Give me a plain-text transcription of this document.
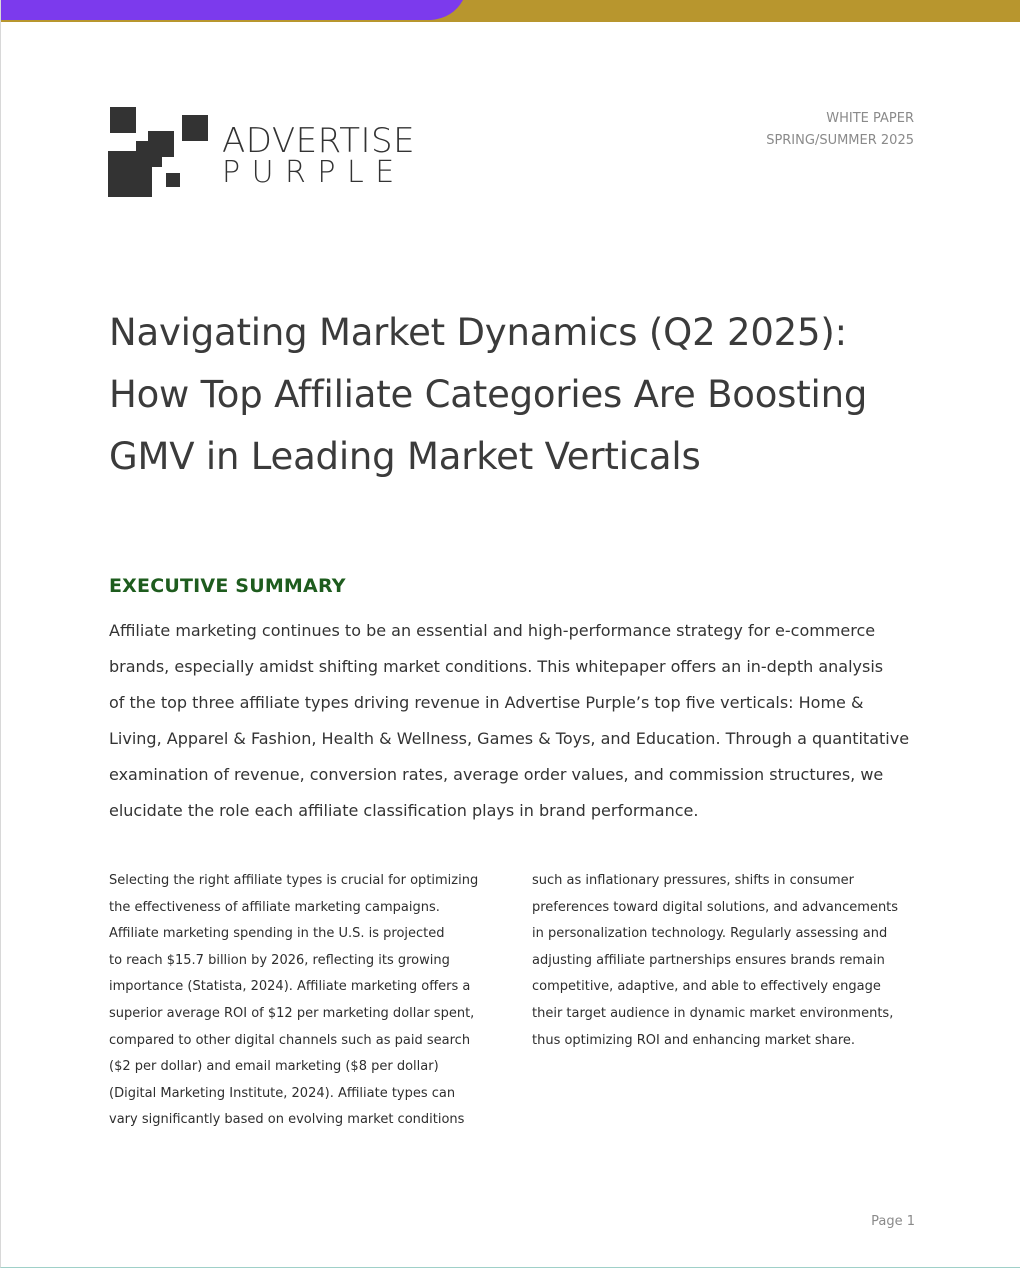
ADVERTISE
PURPLE
WHITE PAPER
SPRING/SUMMER 2025
Navigating Market Dynamics (Q2 2025):
How Top Affiliate Categories Are Boosting
GMV in Leading Market Verticals
EXECUTIVE SUMMARY
Affiliate marketing continues to be an essential and high-performance strategy for e-commerce
brands, especially amidst shifting market conditions. This whitepaper offers an in-depth analysis
of the top three affiliate types driving revenue in Advertise Purple’s top five verticals: Home &
Living, Apparel & Fashion, Health & Wellness, Games & Toys, and Education. Through a quantitative
examination of revenue, conversion rates, average order values, and commission structures, we
elucidate the role each affiliate classification plays in brand performance.
Selecting the right affiliate types is crucial for optimizing
the effectiveness of affiliate marketing campaigns.
Affiliate marketing spending in the U.S. is projected
to reach $15.7 billion by 2026, reflecting its growing
importance (Statista, 2024). Affiliate marketing offers a
superior average ROI of $12 per marketing dollar spent,
compared to other digital channels such as paid search
($2 per dollar) and email marketing ($8 per dollar)
(Digital Marketing Institute, 2024). Affiliate types can
vary significantly based on evolving market conditions
such as inflationary pressures, shifts in consumer
preferences toward digital solutions, and advancements
in personalization technology. Regularly assessing and
adjusting affiliate partnerships ensures brands remain
competitive, adaptive, and able to effectively engage
their target audience in dynamic market environments,
thus optimizing ROI and enhancing market share.
Page 1
